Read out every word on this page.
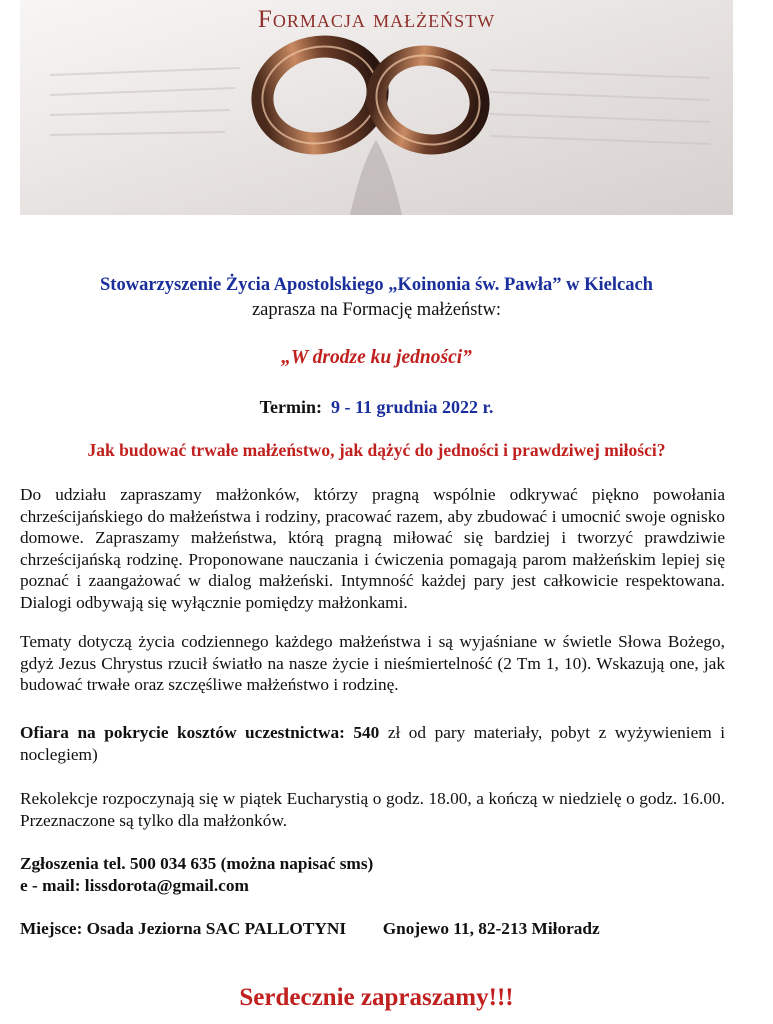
Formacja małżeństw
Stowarzyszenie Życia Apostolskiego „Koinonia św. Pawła” w Kielcach
zaprasza na Formację małżeństw:
„W drodze ku jedności”
Termin: 9 - 11 grudnia 2022 r.
Jak budować trwałe małżeństwo, jak dążyć do jedności i prawdziwej miłości?
Do udziału zapraszamy małżonków, którzy pragną wspólnie odkrywać piękno powołania chrześcijańskiego do małżeństwa i rodziny, pracować razem, aby zbudować i umocnić swoje ognisko domowe. Zapraszamy małżeństwa, którą pragną miłować się bardziej i tworzyć prawdziwie chrześcijańską rodzinę. Proponowane nauczania i ćwiczenia pomagają parom małżeńskim lepiej się poznać i zaangażować w dialog małżeński. Intymność każdej pary jest całkowicie respektowana. Dialogi odbywają się wyłącznie pomiędzy małżonkami.
Tematy dotyczą życia codziennego każdego małżeństwa i są wyjaśniane w świetle Słowa Bożego, gdyż Jezus Chrystus rzucił światło na nasze życie i nieśmiertelność (2 Tm 1, 10). Wskazują one, jak budować trwałe oraz szczęśliwe małżeństwo i rodzinę.
Ofiara na pokrycie kosztów uczestnictwa: 540 zł od pary materiały, pobyt z wyżywieniem i noclegiem)
Rekolekcje rozpoczynają się w piątek Eucharystią o godz. 18.00, a kończą w niedzielę o godz. 16.00. Przeznaczone są tylko dla małżonków.
Zgłoszenia tel. 500 034 635 (można napisać sms)
e - mail: lissdorota@gmail.com
Miejsce: Osada Jeziorna SAC PALLOTYNI Gnojewo 11, 82-213 Miłoradz
Serdecznie zapraszamy!!!
